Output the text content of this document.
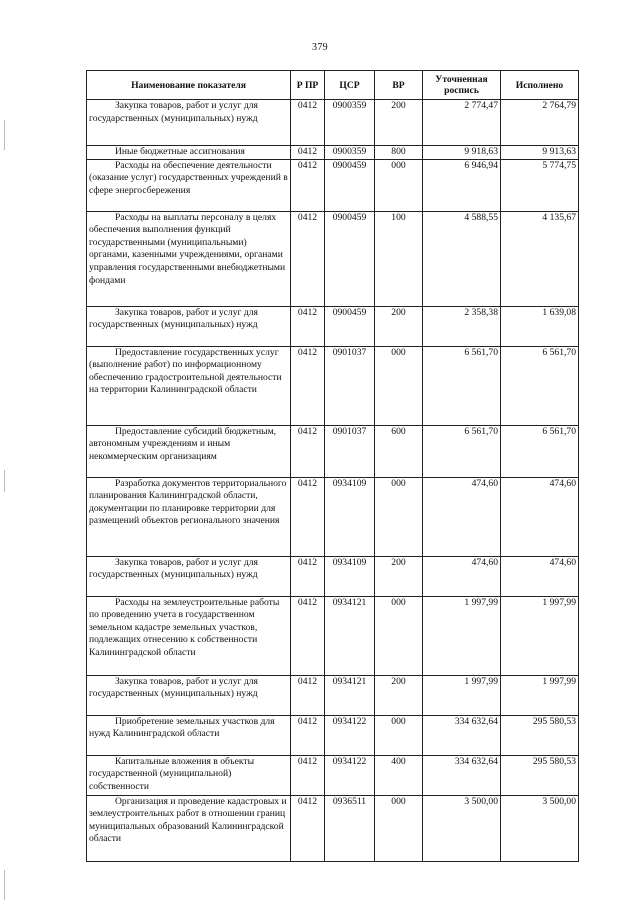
379
Наименование показателя	Р ПР	ЦСР	ВР	Уточненная роспись	Исполнено

Закупка товаров, работ и услуг для государственных (муниципальных) нужд	0412	0900359	200	2 774,47	2 764,79

Иные бюджетные ассигнования	0412	0900359	800	9 918,63	9 913,63

Расходы на обеспечение деятельности (оказание услуг) государственных учреждений в сфере энергосбережения	0412	0900459	000	6 946,94	5 774,75

Расходы на выплаты персоналу в целях обеспечения выполнения функций государственными (муниципальными) органами, казенными учреждениями, органами управления государственными внебюджетными фондами	0412	0900459	100	4 588,55	4 135,67

Закупка товаров, работ и услуг для государственных (муниципальных) нужд	0412	0900459	200	2 358,38	1 639,08

Предоставление государственных услуг (выполнение работ) по информационному обеспечению градостроительной деятельности на территории Калининградской области	0412	0901037	000	6 561,70	6 561,70

Предоставление субсидий бюджетным, автономным учреждениям и иным некоммерческим организациям	0412	0901037	600	6 561,70	6 561,70

Разработка документов территориального планирования Калининградской области, документации по планировке территории для размещений объектов регионального значения	0412	0934109	000	474,60	474,60

Закупка товаров, работ и услуг для государственных (муниципальных) нужд	0412	0934109	200	474,60	474,60

Расходы на землеустроительные работы по проведению учета в государственном земельном кадастре земельных участков, подлежащих отнесению к собственности Калининградской области	0412	0934121	000	1 997,99	1 997,99

Закупка товаров, работ и услуг для государственных (муниципальных) нужд	0412	0934121	200	1 997,99	1 997,99

Приобретение земельных участков для нужд Калининградской области	0412	0934122	000	334 632,64	295 580,53

Капитальные вложения в объекты государственной (муниципальной) собственности	0412	0934122	400	334 632,64	295 580,53

Организация и проведение кадастровых и землеустроительных работ в отношении границ муниципальных образований Калининградской области	0412	0936511	000	3 500,00	3 500,00
